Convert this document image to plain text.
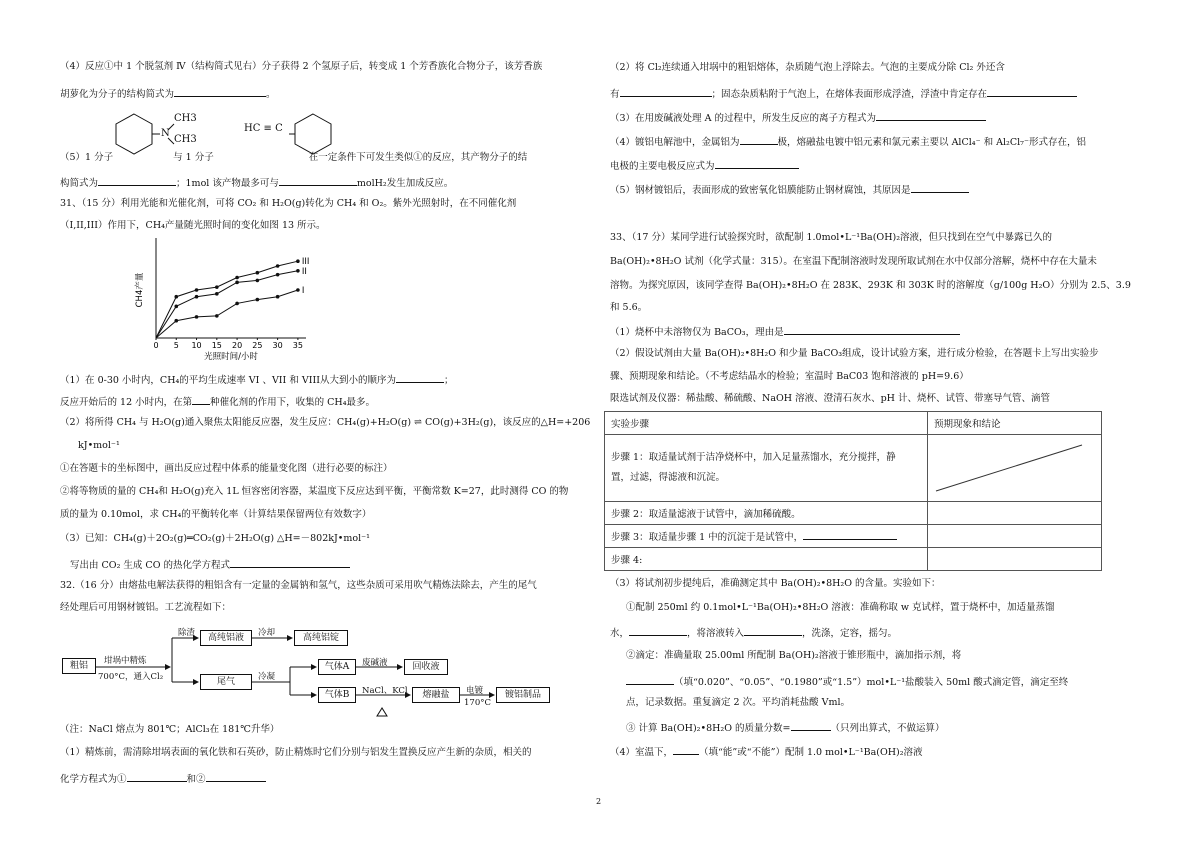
（4）反应①中 1 个脱氢剂 Ⅳ（结构简式见右）分子获得 2 个氢原子后，转变成 1 个芳香族化合物分子，该芳香族
胡萝化为分子的结构简式为	。
N
CH3
CH3
HC ≡ C
（5）1 分子	与 1 分子	在一定条件下可发生类似①的反应，其产物分子的结
构简式为	；1mol 该产物最多可与	molH₂发生加成反应。
31、（15 分）利用光能和光催化剂，可将 CO₂ 和 H₂O(g)转化为 CH₄ 和 O₂。紫外光照射时，在不同催化剂
（I,II,III）作用下，CH₄产量随光照时间的变化如图 13 所示。
0 5 10 15 20 25 30 35
光照时间/小时
CH4产量
III
II
I
（1）在 0-30 小时内，CH₄的平均生成速率 VI 、VII 和 VIII从大到小的顺序为	；
反应开始后的 12 小时内，在第 种催化剂的作用下，收集的 CH₄最多。
（2）将所得 CH₄ 与 H₂O(g)通入聚焦太阳能反应器，发生反应：CH₄(g)+H₂O(g) ⇌ CO(g)+3H₂(g)，该反应的△H=+206
kJ•mol⁻¹
①在答题卡的坐标图中，画出反应过程中体系的能量变化图（进行必要的标注）
②将等物质的量的 CH₄和 H₂O(g)充入 1L 恒容密闭容器，某温度下反应达到平衡，平衡常数 K=27，此时测得 CO 的物
质的量为 0.10mol，求 CH₄的平衡转化率（计算结果保留两位有效数字）
（3）已知：CH₄(g)＋2O₂(g)═CO₂(g)＋2H₂O(g) △H=－802kJ•mol⁻¹
写出由 CO₂ 生成 CO 的热化学方程式
32.（16 分）由熔盐电解法获得的粗铝含有一定量的金属钠和氢气，这些杂质可采用吹气精炼法除去，产生的尾气
经处理后可用钢材镀铝。工艺流程如下：
粗铝	坩埚中精炼
700°C，通入Cl₂
除渣	高纯铝液	冷却	高纯铝锭
尾气	冷凝
气体A	废碱液	回收液
气体B	NaCl、KCl	熔融盐	电镀
170°C
镀铝制品
（注：NaCl 熔点为 801℃；AlCl₃在 181℃升华）
（1）精炼前，需清除坩埚表面的氧化铁和石英砂，防止精炼时它们分别与铝发生置换反应产生新的杂质，相关的
化学方程式为①	和②
（2）将 Cl₂连续通入坩埚中的粗铝熔体，杂质随气泡上浮除去。气泡的主要成分除 Cl₂ 外还含
有	；固态杂质粘附于气泡上，在熔体表面形成浮渣，浮渣中肯定存在
（3）在用废碱液处理 A 的过程中，所发生反应的离子方程式为
（4）镀铝电解池中，金属铝为	极，熔融盐电镀中铝元素和氯元素主要以 AlCl₄⁻ 和 Al₂Cl₇⁻形式存在，铝
电极的主要电极反应式为
（5）钢材镀铝后，表面形成的致密氧化铝膜能防止钢材腐蚀，其原因是
33、（17 分）某同学进行试验探究时，欲配制 1.0mol•L⁻¹Ba(OH)₂溶液，但只找到在空气中暴露已久的
Ba(OH)₂•8H₂O 试剂（化学式量：315）。在室温下配制溶液时发现所取试剂在水中仅部分溶解，烧杯中存在大量未
溶物。为探究原因，该同学查得 Ba(OH)₂•8H₂O 在 283K、293K 和 303K 时的溶解度（g/100g H₂O）分别为 2.5、3.9
和 5.6。
（1）烧杯中未溶物仅为 BaCO₃，理由是
（2）假设试剂由大量 Ba(OH)₂•8H₂O 和少量 BaCO₃组成，设计试验方案，进行成分检验，在答题卡上写出实验步
骤、预期现象和结论。（不考虑结晶水的检验；室温时 BaC03 饱和溶液的 pH=9.6）
限选试剂及仪器：稀盐酸、稀硫酸、NaOH 溶液、澄清石灰水、pH 计、烧杯、试管、带塞导气管、滴管
实验步骤	预期现象和结论

步骤 1：取适量试剂于洁净烧杯中，加入足量蒸馏水，充分搅拌，静
置，过滤，得滤液和沉淀。

步骤 2：取适量滤液于试管中，滴加稀硫酸。	
步骤 3：取适量步骤 1 中的沉淀于是试管中，	
步骤 4:	
（3）将试剂初步提纯后，准确测定其中 Ba(OH)₂•8H₂O 的含量。实验如下：
①配制 250ml 约 0.1mol•L⁻¹Ba(OH)₂•8H₂O 溶液：准确称取 w 克试样，置于烧杯中，加适量蒸馏
水，	，将溶液转入	，洗涤，定容，摇匀。
②滴定：准确量取 25.00ml 所配制 Ba(OH)₂溶液于锥形瓶中，滴加指示剂，将
（填“0.020”、“0.05”、“0.1980”或“1.5”）mol•L⁻¹盐酸装入 50ml 酸式滴定管，滴定至终
点，记录数据。重复滴定 2 次。平均消耗盐酸 Vml。
③ 计算 Ba(OH)₂•8H₂O 的质量分数=	（只列出算式，不做运算）
（4）室温下，	（填“能”或“不能”）配制 1.0 mol•L⁻¹Ba(OH)₂溶液
2
